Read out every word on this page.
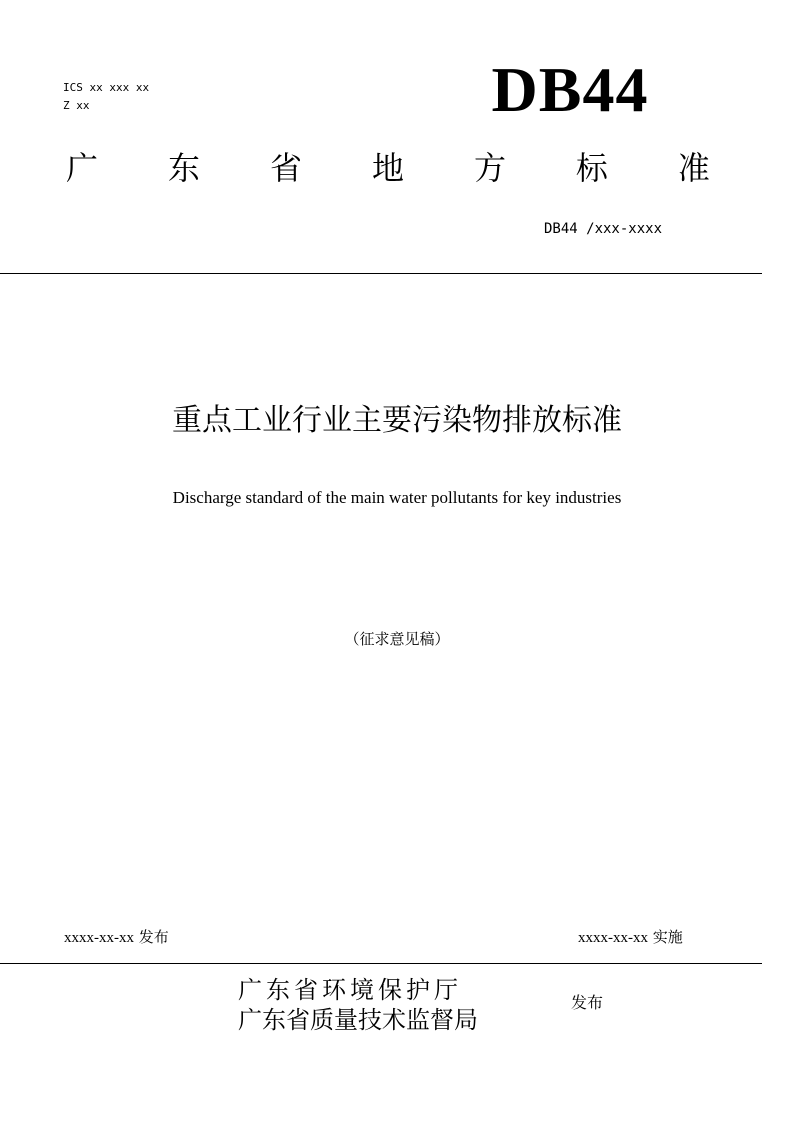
ICS xx xxx xx
Z xx	DB44
广 东 省 地 方 标 准
DB44 /xxx-xxxx
重点工业行业主要污染物排放标准
Discharge standard of the main water pollutants for key industries
（征求意见稿）
xxxx-xx-xx 发布	xxxx-xx-xx 实施
广东省环境保护厅
广东省质量技术监督局
发布
